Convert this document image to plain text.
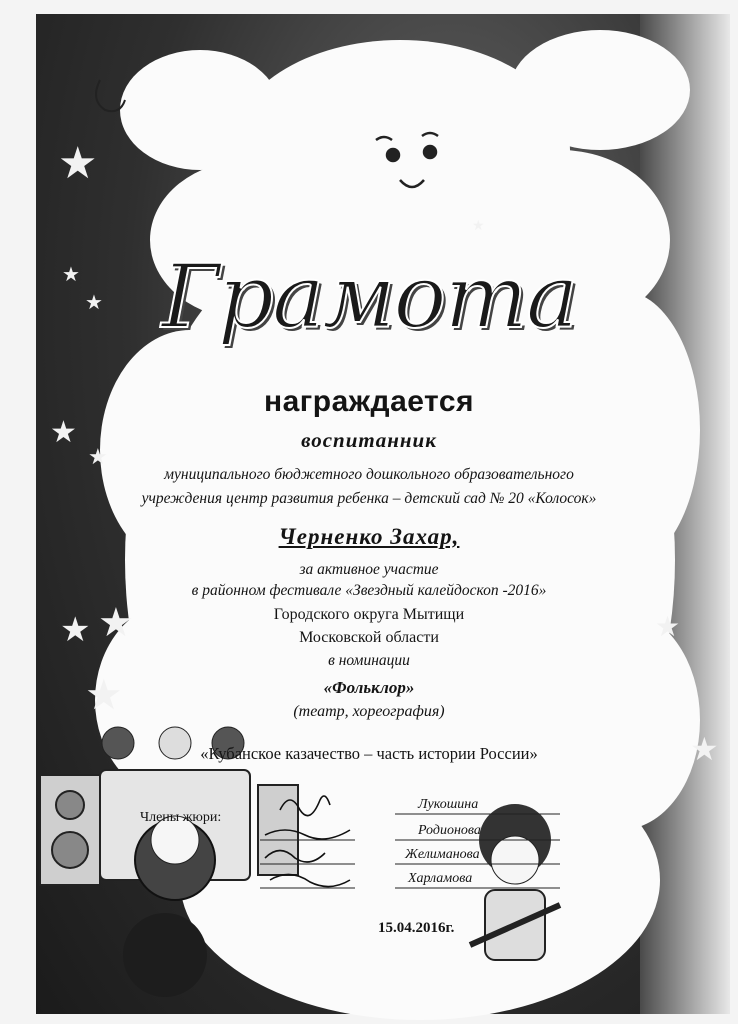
★
★
★
★
★
★ ★
★
★
★
★
Грамота
награждается
воспитанник
муниципального бюджетного дошкольного образовательного
учреждения центр развития ребенка – детский сад № 20 «Колосок»
Черненко Захар,
за активное участие
в районном фестивале «Звездный калейдоскоп -2016»
Городского округа Мытищи
Московской области
в номинации
«Фольклор»
(театр, хореография)
«Кубанское казачество – часть истории России»
Члены жюри:
Лукошина
Родионова
Желиманова
Харламова
15.04.2016г.
